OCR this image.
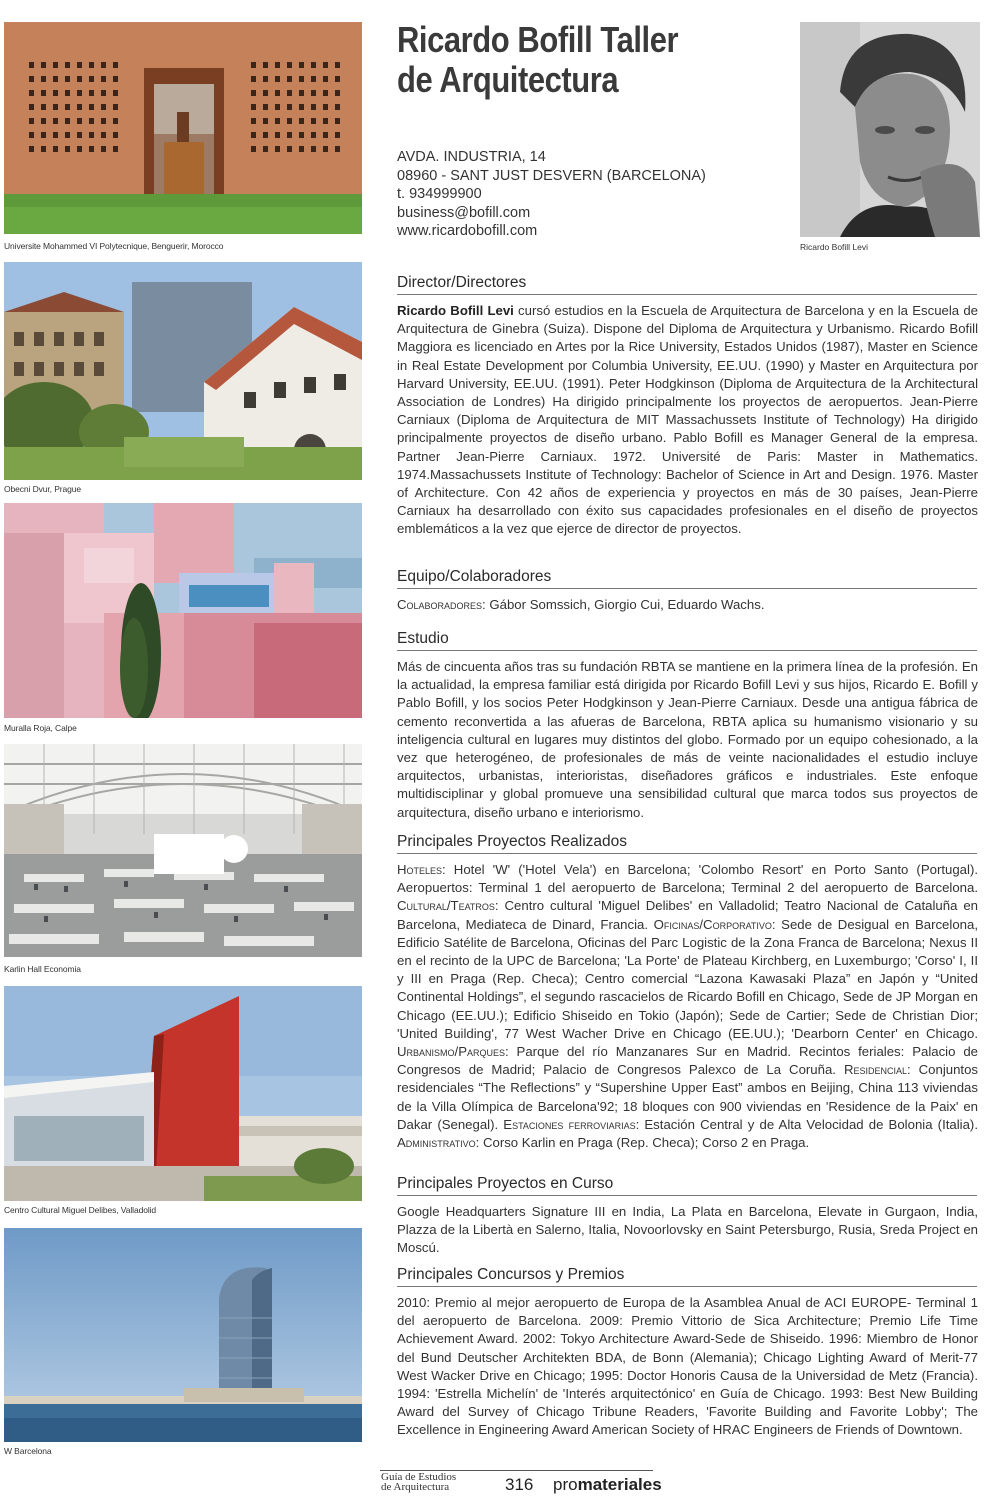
Universite Mohammed VI Polytecnique, Benguerir, Morocco
Obecni Dvur, Prague
Muralla Roja, Calpe
Karlin Hall Economia
Centro Cultural Miguel Delibes, Valladolid
W Barcelona
Ricardo Bofill Taller
de Arquitectura
AVDA. INDUSTRIA, 14
08960 - SANT JUST DESVERN (BARCELONA)
t. 934999900
business@bofill.com
www.ricardobofill.com
Ricardo Bofill Levi
Director/Directores

Ricardo Bofill Levi cursó estudios en la Escuela de Arquitectura de Barcelona y en la Escuela de Arquitectura de Ginebra (Suiza). Dispone del Diploma de Arquitectura y Urbanismo. Ricardo Bofill Maggiora es licenciado en Artes por la Rice University, Estados Unidos (1987), Master en Science in Real Estate Development por Columbia University, EE.UU. (1990) y Master en Arquitectura por Harvard University, EE.UU. (1991). Peter Hodgkinson (Diploma de Arquitectura de la Architectural Association de Londres) Ha dirigido principalmente los proyectos de aeropuertos. Jean-Pierre Carniaux (Diploma de Arquitectura de MIT Massachussets Institute of Technology) Ha dirigido principalmente proyectos de diseño urbano. Pablo Bofill es Manager General de la empresa. Partner Jean-Pierre Carniaux. 1972. Université de Paris: Master in Mathematics. 1974.Massachussets Institute of Technology: Bachelor of Science in Art and Design. 1976. Master of Architecture. Con 42 años de experiencia y proyectos en más de 30 países, Jean-Pierre Carniaux ha desarrollado con éxito sus capacidades profesionales en el diseño de proyectos emblemáticos a la vez que ejerce de director de proyectos.

Equipo/Colaboradores

Colaboradores: Gábor Somssich, Giorgio Cui, Eduardo Wachs.

Estudio

Más de cincuenta años tras su fundación RBTA se mantiene en la primera línea de la profesión. En la actualidad, la empresa familiar está dirigida por Ricardo Bofill Levi y sus hijos, Ricardo E. Bofill y Pablo Bofill, y los socios Peter Hodgkinson y Jean-Pierre Carniaux. Desde una antigua fábrica de cemento reconvertida a las afueras de Barcelona, RBTA aplica su humanismo visionario y su inteligencia cultural en lugares muy distintos del globo. Formado por un equipo cohesionado, a la vez que heterogéneo, de profesionales de más de veinte nacionalidades el estudio incluye arquitectos, urbanistas, interioristas, diseñadores gráficos e industriales. Este enfoque multidisciplinar y global promueve una sensibilidad cultural que marca todos sus proyectos de arquitectura, diseño urbano e interiorismo.

Principales Proyectos Realizados

Hoteles: Hotel 'W' ('Hotel Vela') en Barcelona; 'Colombo Resort' en Porto Santo (Portugal). Aeropuertos: Terminal 1 del aeropuerto de Barcelona; Terminal 2 del aeropuerto de Barcelona. Cultural/Teatros: Centro cultural 'Miguel Delibes' en Valladolid; Teatro Nacional de Cataluña en Barcelona, Mediateca de Dinard, Francia. Oficinas/Corporativo: Sede de Desigual en Barcelona, Edificio Satélite de Barcelona, Oficinas del Parc Logistic de la Zona Franca de Barcelona; Nexus II en el recinto de la UPC de Barcelona; 'La Porte' de Plateau Kirchberg, en Luxemburgo; 'Corso' I, II y III en Praga (Rep. Checa); Centro comercial “Lazona Kawasaki Plaza” en Japón y “United Continental Holdings”, el segundo rascacielos de Ricardo Bofill en Chicago, Sede de JP Morgan en Chicago (EE.UU.); Edificio Shiseido en Tokio (Japón); Sede de Cartier; Sede de Christian Dior; 'United Building', 77 West Wacher Drive en Chicago (EE.UU.); 'Dearborn Center' en Chicago. Urbanismo/Parques: Parque del río Manzanares Sur en Madrid. Recintos feriales: Palacio de Congresos de Madrid; Palacio de Congresos Palexco de La Coruña. Residencial: Conjuntos residenciales “The Reflections” y “Supershine Upper East” ambos en Beijing, China 113 viviendas de la Villa Olímpica de Barcelona'92; 18 bloques con 900 viviendas en 'Residence de la Paix' en Dakar (Senegal). Estaciones ferroviarias: Estación Central y de Alta Velocidad de Bolonia (Italia). Administrativo: Corso Karlin en Praga (Rep. Checa); Corso 2 en Praga.

Principales Proyectos en Curso

Google Headquarters Signature III en India, La Plata en Barcelona, Elevate in Gurgaon, India, Plazza de la Libertà en Salerno, Italia, Novoorlovsky en Saint Petersburgo, Rusia, Sreda Project en Moscú.

Principales Concursos y Premios

2010: Premio al mejor aeropuerto de Europa de la Asamblea Anual de ACI EUROPE- Terminal 1 del aeropuerto de Barcelona. 2009: Premio Vittorio de Sica Architecture; Premio Life Time Achievement Award. 2002: Tokyo Architecture Award-Sede de Shiseido. 1996: Miembro de Honor del Bund Deutscher Architekten BDA, de Bonn (Alemania); Chicago Lighting Award of Merit-77 West Wacker Drive en Chicago; 1995: Doctor Honoris Causa de la Universidad de Metz (Francia). 1994: 'Estrella Michelín' de 'Interés arquitectónico' en Guía de Chicago. 1993: Best New Building Award del Survey of Chicago Tribune Readers, 'Favorite Building and Favorite Lobby'; The Excellence in Engineering Award American Society of HRAC Engineers de Friends of Downtown.

Guía de Estudios
de Arquitectura	316 promateriales
